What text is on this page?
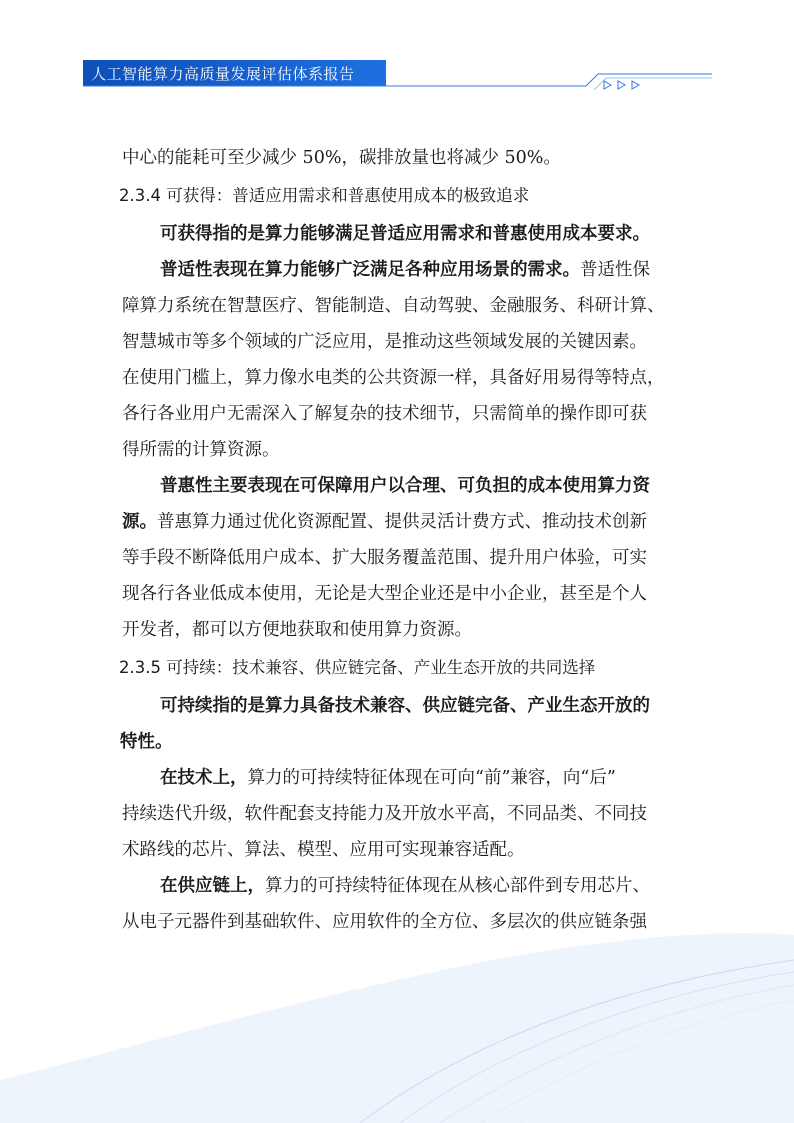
人工智能算力高质量发展评估体系报告
中心的能耗可至少减少 50%，碳排放量也将减少 50%。
2.3.4 可获得：普适应用需求和普惠使用成本的极致追求
可获得指的是算力能够满足普适应用需求和普惠使用成本要求。
普适性表现在算力能够广泛满足各种应用场景的需求。普适性保
障算力系统在智慧医疗、智能制造、自动驾驶、金融服务、科研计算、
智慧城市等多个领域的广泛应用，是推动这些领域发展的关键因素。
在使用门槛上，算力像水电类的公共资源一样，具备好用易得等特点，
各行各业用户无需深入了解复杂的技术细节，只需简单的操作即可获
得所需的计算资源。
普惠性主要表现在可保障用户以合理、可负担的成本使用算力资
源。普惠算力通过优化资源配置、提供灵活计费方式、推动技术创新
等手段不断降低用户成本、扩大服务覆盖范围、提升用户体验，可实
现各行各业低成本使用，无论是大型企业还是中小企业，甚至是个人
开发者，都可以方便地获取和使用算力资源。
2.3.5 可持续：技术兼容、供应链完备、产业生态开放的共同选择
可持续指的是算力具备技术兼容、供应链完备、产业生态开放的
特性。
在技术上，算力的可持续特征体现在可向“前”兼容，向“后”
持续迭代升级，软件配套支持能力及开放水平高，不同品类、不同技
术路线的芯片、算法、模型、应用可实现兼容适配。
在供应链上，算力的可持续特征体现在从核心部件到专用芯片、
从电子元器件到基础软件、应用软件的全方位、多层次的供应链条强
